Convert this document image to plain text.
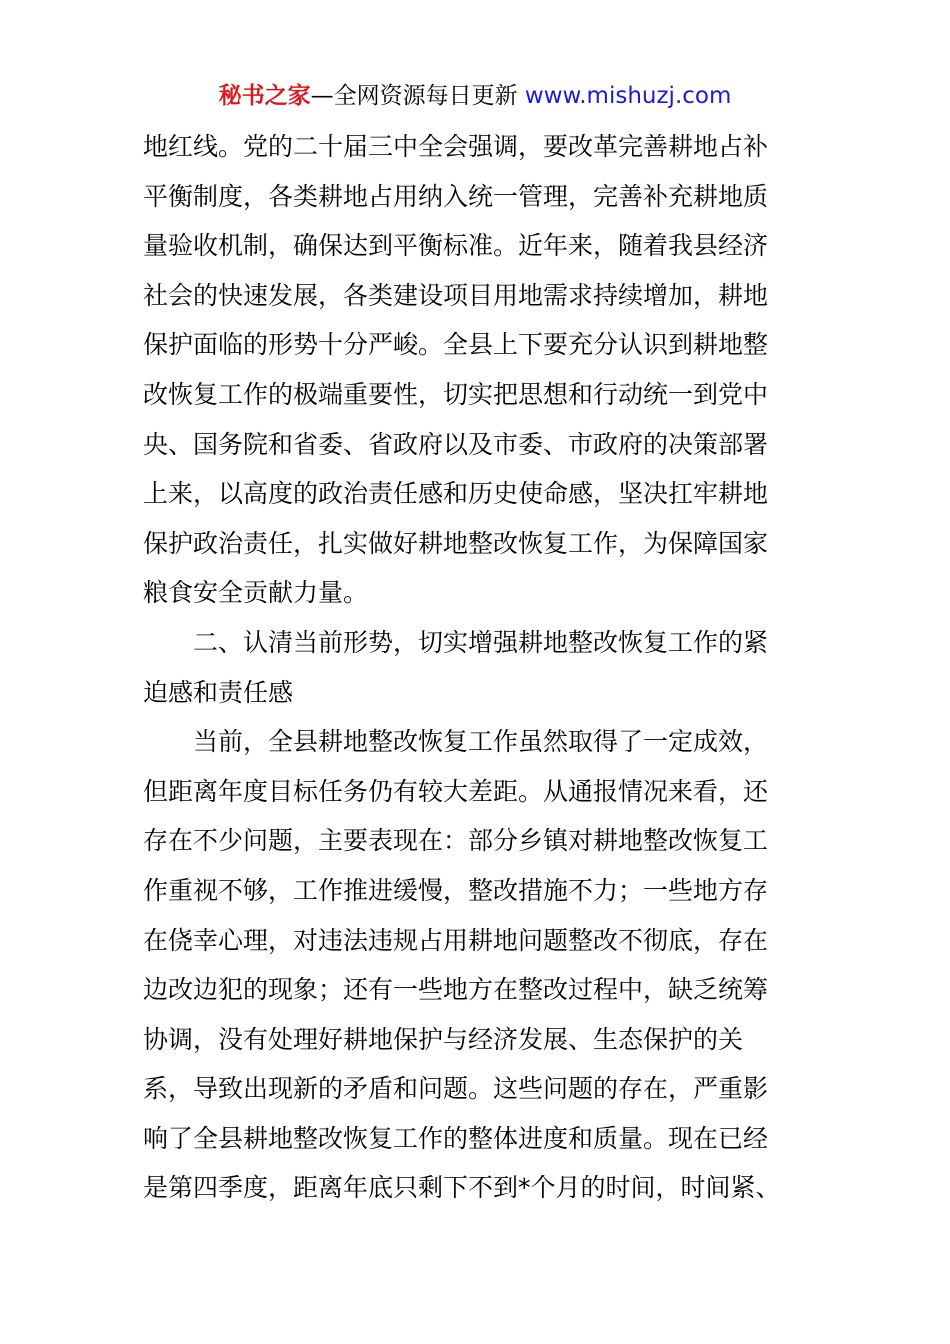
秘书之家—全网资源每日更新 www.mishuzj.com
地红线。党的二十届三中全会强调，要改革完善耕地占补
平衡制度，各类耕地占用纳入统一管理，完善补充耕地质
量验收机制，确保达到平衡标准。近年来，随着我县经济
社会的快速发展，各类建设项目用地需求持续增加，耕地
保护面临的形势十分严峻。全县上下要充分认识到耕地整
改恢复工作的极端重要性，切实把思想和行动统一到党中
央、国务院和省委、省政府以及市委、市政府的决策部署
上来，以高度的政治责任感和历史使命感，坚决扛牢耕地
保护政治责任，扎实做好耕地整改恢复工作，为保障国家
粮食安全贡献力量。
二、认清当前形势，切实增强耕地整改恢复工作的紧
迫感和责任感
当前，全县耕地整改恢复工作虽然取得了一定成效，
但距离年度目标任务仍有较大差距。从通报情况来看，还
存在不少问题，主要表现在：部分乡镇对耕地整改恢复工
作重视不够，工作推进缓慢，整改措施不力；一些地方存
在侥幸心理，对违法违规占用耕地问题整改不彻底，存在
边改边犯的现象；还有一些地方在整改过程中，缺乏统筹
协调，没有处理好耕地保护与经济发展、生态保护的关
系，导致出现新的矛盾和问题。这些问题的存在，严重影
响了全县耕地整改恢复工作的整体进度和质量。现在已经
是第四季度，距离年底只剩下不到*个月的时间，时间紧、
